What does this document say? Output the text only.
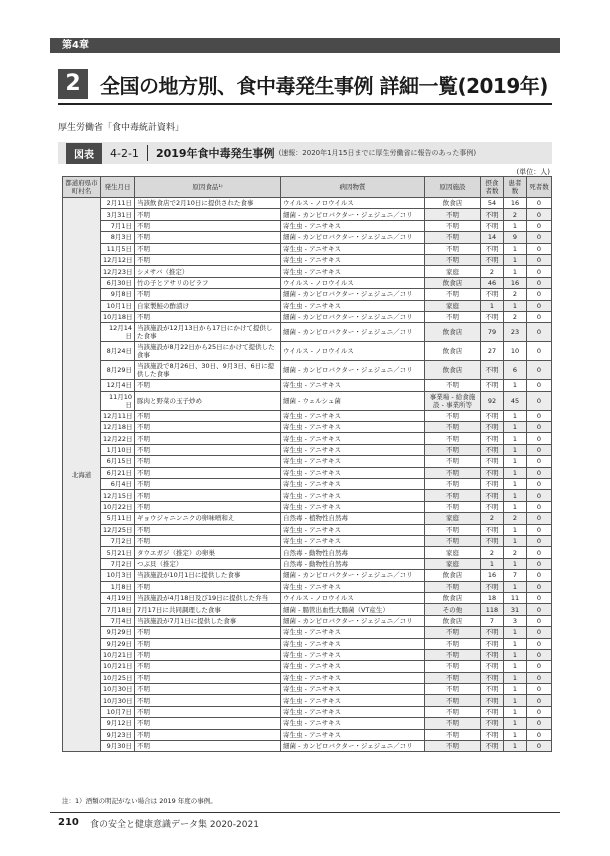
第4章
2 全国の地方別、食中毒発生事例 詳細一覧(2019年)
厚生労働省「食中毒統計資料」
図表	4-2-1 2019年食中毒発生事例 (速報：2020年1月15日までに厚生労働省に報告のあった事例)
(単位：人)
都道府県市町村名	発生月日	原因食品¹⁾	病因物質	原因施設	摂食者数	患者数	死者数
北海道	2月11日	当該飲食店で2月10日に提供された食事	ウイルス - ノロウイルス	飲食店	54	16	0
	3月31日	不明	細菌 - カンピロバクター・ジェジュニ／コリ	不明	不明	2	0
	7月1日	不明	寄生虫 - アニサキス	不明	不明	1	0
	8月3日	不明	細菌 - カンピロバクター・ジェジュニ／コリ	不明	14	9	0
	11月5日	不明	寄生虫 - アニサキス	不明	不明	1	0
	12月12日	不明	寄生虫 - アニサキス	不明	不明	1	0
	12月23日	シメサバ（推定）	寄生虫 - アニサキス	家庭	2	1	0
	6月30日	竹の子とアサリのピラフ	ウイルス - ノロウイルス	飲食店	46	16	0
	9月8日	不明	細菌 - カンピロバクター・ジェジュニ／コリ	不明	不明	2	0
	10月1日	自家製鮭の酢漬け	寄生虫 - アニサキス	家庭	1	1	0
	10月18日	不明	細菌 - カンピロバクター・ジェジュニ／コリ	不明	不明	2	0
	12月14日	当該施設が12月13日から17日にかけて提供した食事	細菌 - カンピロバクター・ジェジュニ／コリ	飲食店	79	23	0
	8月24日	当該施設が8月22日から25日にかけて提供した食事	ウイルス - ノロウイルス	飲食店	27	10	0
	8月29日	当該施設で8月26日、30日、9月3日、6日に提供した食事	細菌 - カンピロバクター・ジェジュニ／コリ	飲食店	不明	6	0
	12月4日	不明	寄生虫 - アニサキス	不明	不明	1	0
	11月10日	豚肉と野菜の玉子炒め	細菌 - ウェルシュ菌	事業場 - 給食施設 - 事業所等	92	45	0
	12月11日	不明	寄生虫 - アニサキス	不明	不明	1	0
	12月18日	不明	寄生虫 - アニサキス	不明	不明	1	0
	12月22日	不明	寄生虫 - アニサキス	不明	不明	1	0
	1月10日	不明	寄生虫 - アニサキス	不明	不明	1	0
	6月15日	不明	寄生虫 - アニサキス	不明	不明	1	0
	6月21日	不明	寄生虫 - アニサキス	不明	不明	1	0
	6月4日	不明	寄生虫 - アニサキス	不明	不明	1	0
	12月15日	不明	寄生虫 - アニサキス	不明	不明	1	0
	10月22日	不明	寄生虫 - アニサキス	不明	不明	1	0
	5月11日	ギョウジャニンニクの卵味噌和え	自然毒 - 植物性自然毒	家庭	2	2	0
	12月25日	不明	寄生虫 - アニサキス	不明	不明	1	0
	7月2日	不明	寄生虫 - アニサキス	不明	不明	1	0
	5月21日	タウエガジ（推定）の卵巣	自然毒 - 動物性自然毒	家庭	2	2	0
	7月2日	つぶ貝（推定）	自然毒 - 動物性自然毒	家庭	1	1	0
	10月3日	当該施設が10月1日に提供した食事	細菌 - カンピロバクター・ジェジュニ／コリ	飲食店	16	7	0
	1月8日	不明	寄生虫 - アニサキス	不明	不明	1	0
	4月19日	当該施設が4月18日及び19日に提供した弁当	ウイルス - ノロウイルス	飲食店	18	11	0
	7月18日	7月17日に共同調理した食事	細菌 - 腸管出血性大腸菌（VT産生）	その他	118	31	0
	7月4日	当該施設が7月1日に提供した食事	細菌 - カンピロバクター・ジェジュニ／コリ	飲食店	7	3	0
	9月29日	不明	寄生虫 - アニサキス	不明	不明	1	0
	9月29日	不明	寄生虫 - アニサキス	不明	不明	1	0
	10月21日	不明	寄生虫 - アニサキス	不明	不明	1	0
	10月21日	不明	寄生虫 - アニサキス	不明	不明	1	0
	10月25日	不明	寄生虫 - アニサキス	不明	不明	1	0
	10月30日	不明	寄生虫 - アニサキス	不明	不明	1	0
	10月30日	不明	寄生虫 - アニサキス	不明	不明	1	0
	10月7日	不明	寄生虫 - アニサキス	不明	不明	1	0
	9月12日	不明	寄生虫 - アニサキス	不明	不明	1	0
	9月23日	不明	寄生虫 - アニサキス	不明	不明	1	0
	9月30日	不明	細菌 - カンピロバクター・ジェジュニ／コリ	不明	不明	1	0
注：1）酒類の明記がない場合は 2019 年度の事例。
210 食の安全と健康意識データ集 2020-2021
